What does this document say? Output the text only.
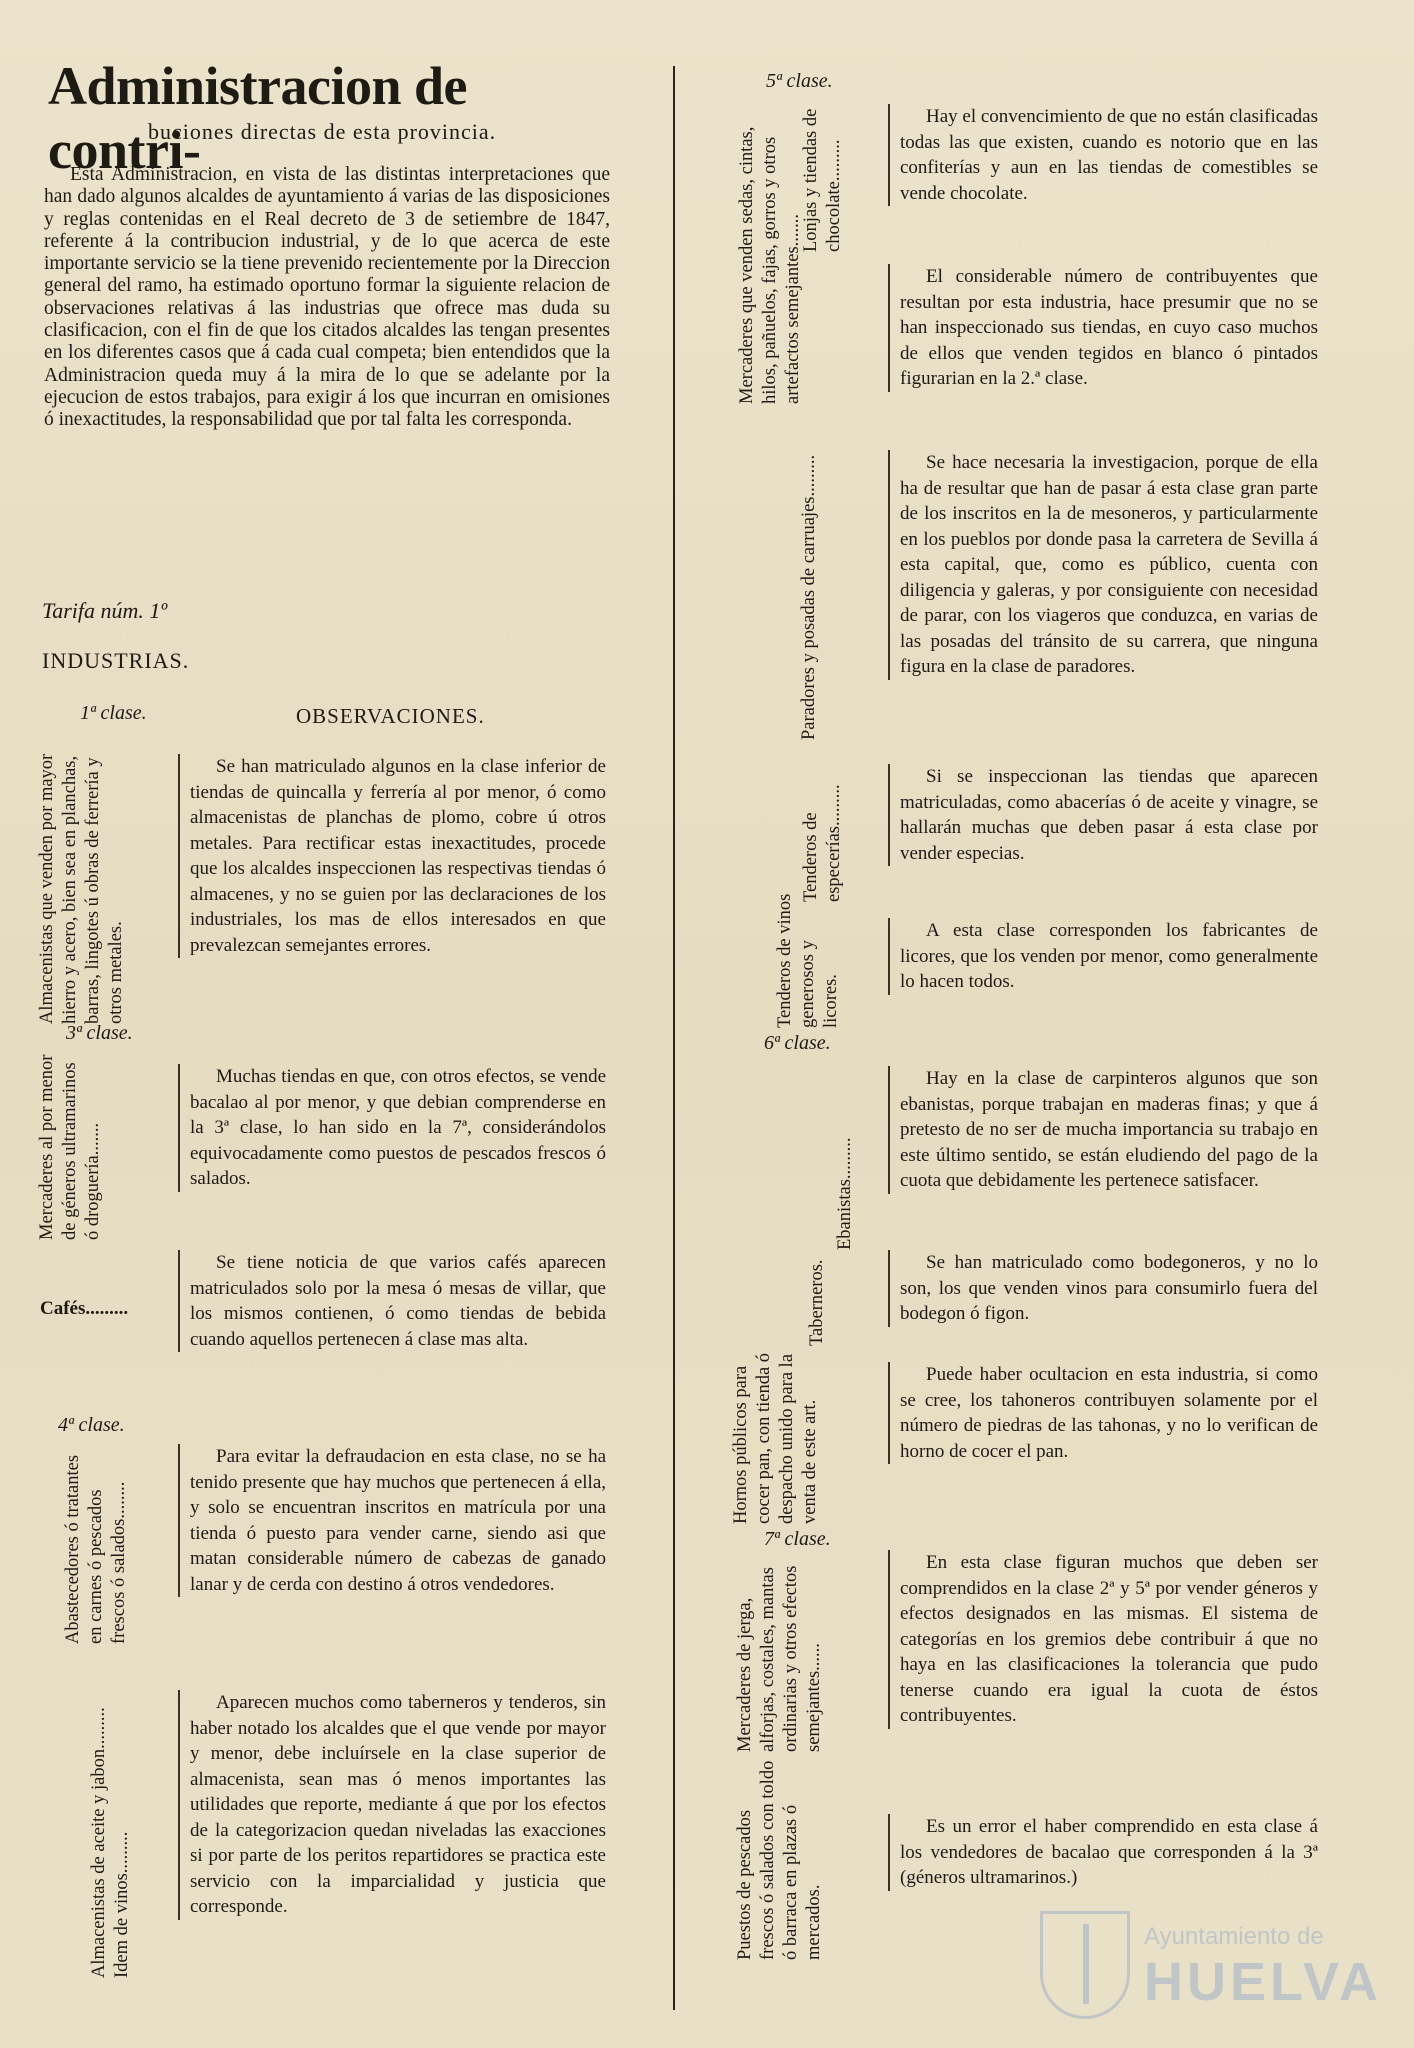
Administracion de contri-
buciones directas de esta provincia.
Esta Administracion, en vista de las distintas interpretaciones que han dado algunos alcaldes de ayuntamiento á varias de las disposiciones y reglas contenidas en el Real decreto de 3 de setiembre de 1847, referente á la contribucion industrial, y de lo que acerca de este importante servicio se la tiene prevenido recientemente por la Direccion general del ramo, ha estimado oportuno formar la siguiente relacion de observaciones relativas á las industrias que ofrece mas duda su clasificacion, con el fin de que los citados alcaldes las tengan presentes en los diferentes casos que á cada cual competa; bien entendidos que la Administracion queda muy á la mira de lo que se adelante por la ejecucion de estos trabajos, para exigir á los que incurran en omisiones ó inexactitudes, la responsabilidad que por tal falta les corresponda.
Tarifa núm. 1º
INDUSTRIAS.
1ª clase.	OBSERVACIONES.
Almacenistas que venden por mayor hierro y acero, bien sea en planchas, barras, lingotes ú obras de ferrería y otros metales.
Se han matriculado algunos en la clase inferior de tiendas de quincalla y ferrería al por menor, ó como almacenistas de planchas de plomo, cobre ú otros metales. Para rectificar estas inexactitudes, procede que los alcaldes inspeccionen las respectivas tiendas ó almacenes, y no se guien por las declaraciones de los industriales, los mas de ellos interesados en que prevalezcan semejantes errores.
3ª clase.
Mercaderes al por menor de géneros ultramarinos ó droguería.......
Muchas tiendas en que, con otros efectos, se vende bacalao al por menor, y que debian comprenderse en la 3ª clase, lo han sido en la 7ª, considerándolos equivocadamente como puestos de pescados frescos ó salados.
Cafés.........
Se tiene noticia de que varios cafés aparecen matriculados solo por la mesa ó mesas de villar, que los mismos contienen, ó como tiendas de bebida cuando aquellos pertenecen á clase mas alta.
4ª clase.
Abastecedores ó tratantes en carnes ó pescados frescos ó salados........
Para evitar la defraudacion en esta clase, no se ha tenido presente que hay muchos que pertenecen á ella, y solo se encuentran inscritos en matrícula por una tienda ó puesto para vender carne, siendo asi que matan considerable número de cabezas de ganado lanar y de cerda con destino á otros vendedores.
Almacenistas de aceite y jabon.........
Idem de vinos.........
Aparecen muchos como taberneros y tenderos, sin haber notado los alcaldes que el que vende por mayor y menor, debe incluírsele en la clase superior de almacenista, sean mas ó menos importantes las utilidades que reporte, mediante á que por los efectos de la categorizacion quedan niveladas las exacciones si por parte de los peritos repartidores se practica este servicio con la imparcialidad y justicia que corresponde.
5ª clase.
Lonjas y tiendas de chocolate.........
Hay el convencimiento de que no están clasificadas todas las que existen, cuando es notorio que en las confiterías y aun en las tiendas de comestibles se vende chocolate.
Mercaderes que venden sedas, cintas, hilos, pañuelos, fajas, gorros y otros artefactos semejantes.......	El considerable número de contribuyentes que resultan por esta industria, hace presumir que no se han inspeccionado sus tiendas, en cuyo caso muchos de ellos que venden tegidos en blanco ó pintados figurarian en la 2.ª clase.
Paradores y posadas de carruajes.........	Se hace necesaria la investigacion, porque de ella ha de resultar que han de pasar á esta clase gran parte de los inscritos en la de mesoneros, y particularmente en los pueblos por donde pasa la carretera de Sevilla á esta capital, que, como es público, cuenta con diligencia y galeras, y por consiguiente con necesidad de parar, con los viageros que conduzca, en varias de las posadas del tránsito de su carrera, que ninguna figura en la clase de paradores.
Tenderos de especerías.........
Si se inspeccionan las tiendas que aparecen matriculadas, como abacerías ó de aceite y vinagre, se hallarán muchas que deben pasar á esta clase por vender especias.
Tenderos de vinos generosos y licores.
A esta clase corresponden los fabricantes de licores, que los venden por menor, como generalmente lo hacen todos.
6ª clase.
Ebanistas.........
Hay en la clase de carpinteros algunos que son ebanistas, porque trabajan en maderas finas; y que á pretesto de no ser de mucha importancia su trabajo en este último sentido, se están eludiendo del pago de la cuota que debidamente les pertenece satisfacer.
Taberneros.	Se han matriculado como bodegoneros, y no lo son, los que venden vinos para consumirlo fuera del bodegon ó figon.
Hornos públicos para cocer pan, con tienda ó despacho unido para la venta de este art.
Puede haber ocultacion en esta industria, si como se cree, los tahoneros contribuyen solamente por el número de piedras de las tahonas, y no lo verifican de horno de cocer el pan.
7ª clase.
Mercaderes de jerga, alforjas, costales, mantas ordinarias y otros efectos semejantes......
En esta clase figuran muchos que deben ser comprendidos en la clase 2ª y 5ª por vender géneros y efectos designados en las mismas. El sistema de categorías en los gremios debe contribuir á que no haya en las clasificaciones la tolerancia que pudo tenerse cuando era igual la cuota de éstos contribuyentes.
Puestos de pescados frescos ó salados con toldo ó barraca en plazas ó mercados.
Es un error el haber comprendido en esta clase á los vendedores de bacalao que corresponden á la 3ª (géneros ultramarinos.)
Ayuntamiento de
HUELVA
